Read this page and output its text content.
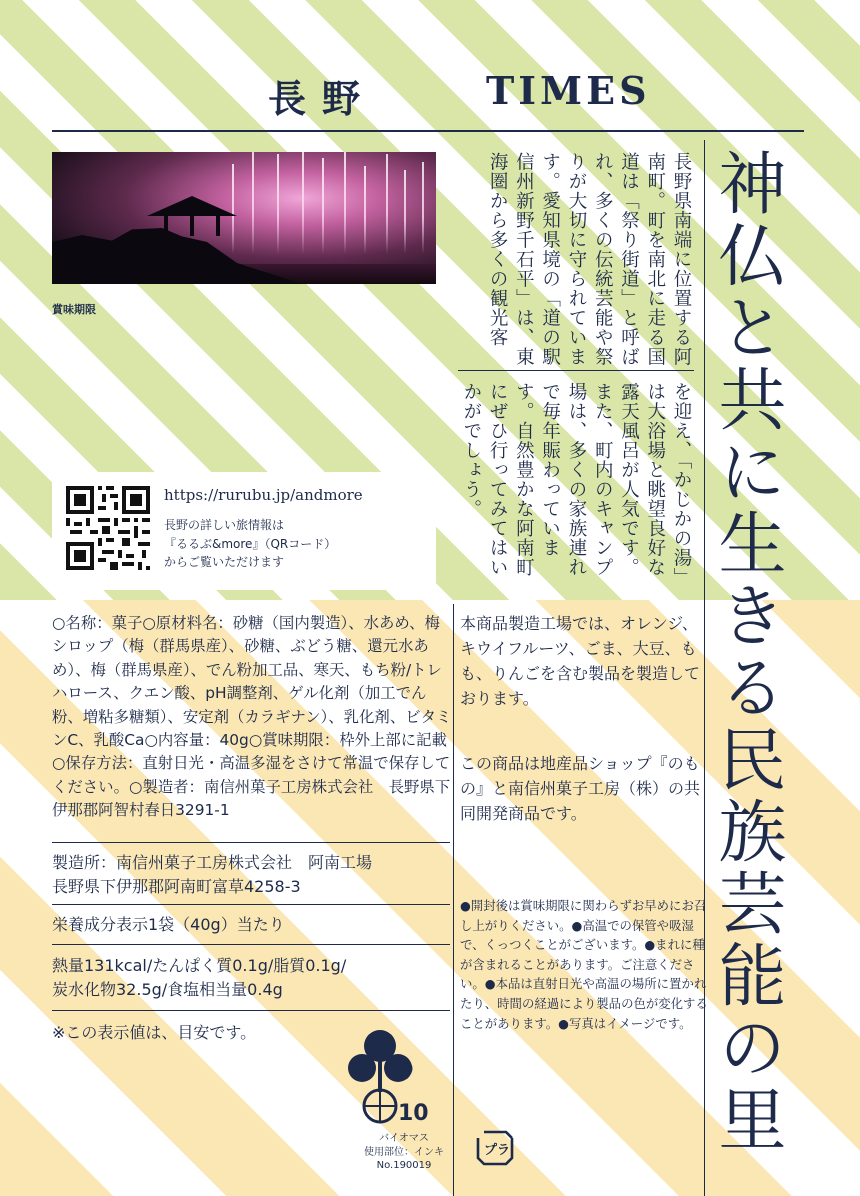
長野	TIMES
賞味期限	長野県南端に位置する阿南町。町を南北に走る国道は「祭り街道」と呼ばれ、多くの伝統芸能や祭りが大切に守られています。愛知県境の「道の駅信州新野千石平」は、東海圏から多くの観光客
を迎え、「かじかの湯」は大浴場と眺望良好な露天風呂が人気です。また、町内のキャンプ場は、多くの家族連れで毎年賑わっています。自然豊かな阿南町にぜひ行ってみてはいかがでしょう。	神仏と共に生きる民族芸能の里
https://rurubu.jp/andmore
長野の詳しい旅情報は
『るるぶ&more』（QRコード）
からご覧いただけます
○名称：菓子○原材料名：砂糖（国内製造）、水あめ、梅シロップ（梅（群馬県産）、砂糖、ぶどう糖、還元水あめ）、梅（群馬県産）、でん粉加工品、寒天、もち粉/トレハロース、クエン酸、pH調整剤、ゲル化剤（加工でん粉、増粘多糖類）、安定剤（カラギナン）、乳化剤、ビタミンC、乳酸Ca○内容量：40g○賞味期限：枠外上部に記載○保存方法：直射日光・高温多湿をさけて常温で保存してください。○製造者：南信州菓子工房株式会社　長野県下伊那郡阿智村春日3291-1
製造所：南信州菓子工房株式会社　阿南工場
長野県下伊那郡阿南町富草4258-3
栄養成分表示1袋（40g）当たり
熱量131kcal/たんぱく質0.1g/脂質0.1g/
炭水化物32.5g/食塩相当量0.4g
※この表示値は、目安です。
本商品製造工場では、オレンジ、キウイフルーツ、ごま、大豆、もも、りんごを含む製品を製造しております。
この商品は地産品ショップ『のもの』と南信州菓子工房（株）の共同開発商品です。
●開封後は賞味期限に関わらずお早めにお召し上がりください。●高温での保管や吸湿で、くっつくことがございます。●まれに種が含まれることがあります。ご注意ください。●本品は直射日光や高温の場所に置かれたり、時間の経過により製品の色が変化することがあります。●写真はイメージです。
10
バイオマス
使用部位：インキ
No.190019
プラ
